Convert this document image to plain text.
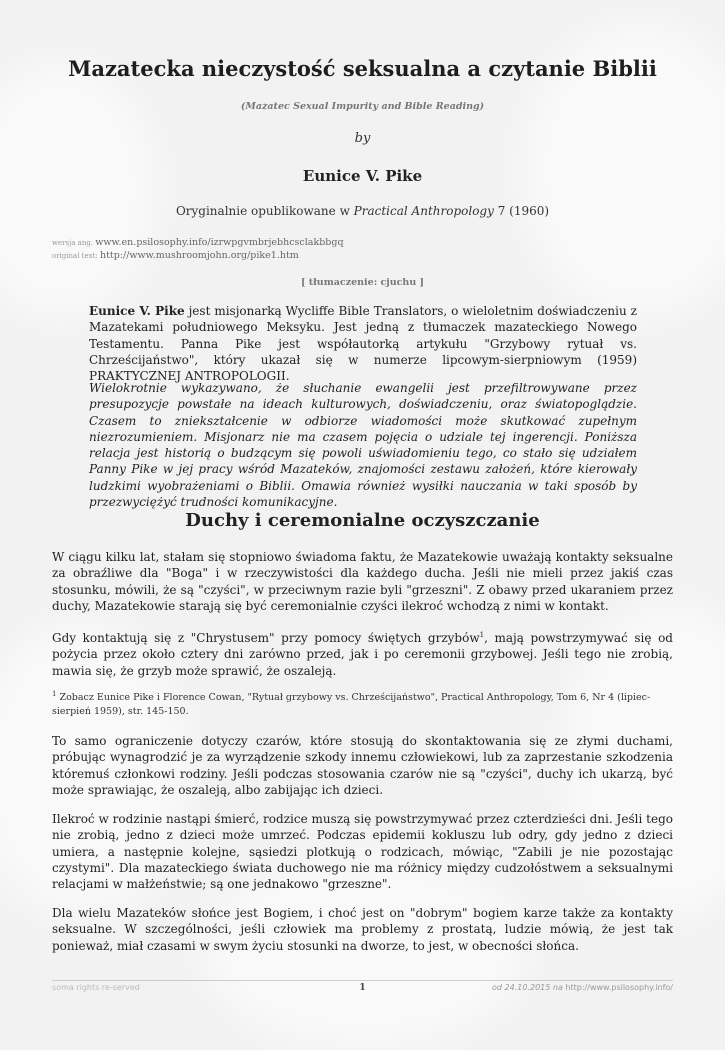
Mazatecka nieczystość seksualna a czytanie Biblii
(Mazatec Sexual Impurity and Bible Reading)
by
Eunice V. Pike
Oryginalnie opublikowane w Practical Anthropology 7 (1960)
wersja ang. www.en.psilosophy.info/izrwpgvmbrjebhcsclakbbgq
original text: http://www.mushroomjohn.org/pike1.htm
[ tłumaczenie: cjuchu ]

Eunice V. Pike jest misjonarką Wycliffe Bible Translators, o wieloletnim doświadczeniu z Mazatekami południowego Meksyku. Jest jedną z tłumaczek mazateckiego Nowego Testamentu. Panna Pike jest współautorką artykułu "Grzybowy rytuał vs. Chrześcijaństwo", który ukazał się w numerze lipcowym-sierpniowym (1959) PRAKTYCZNEJ ANTROPOLOGII.

Wielokrotnie wykazywano, że słuchanie ewangelii jest przefiltrowywane przez presupozycje powstałe na ideach kulturowych, doświadczeniu, oraz światopoglądzie. Czasem to zniekształcenie w odbiorze wiadomości może skutkować zupełnym niezrozumieniem. Misjonarz nie ma czasem pojęcia o udziale tej ingerencji. Poniższa relacja jest historią o budzącym się powoli uświadomieniu tego, co stało się udziałem Panny Pike w jej pracy wśród Mazateków, znajomości zestawu założeń, które kierowały ludzkimi wyobrażeniami o Biblii. Omawia również wysiłki nauczania w taki sposób by przezwyciężyć trudności komunikacyjne.

Duchy i ceremonialne oczyszczanie

W ciągu kilku lat, stałam się stopniowo świadoma faktu, że Mazatekowie uważają kontakty seksualne za obraźliwe dla "Boga" i w rzeczywistości dla każdego ducha. Jeśli nie mieli przez jakiś czas stosunku, mówili, że są "czyści", w przeciwnym razie byli "grzeszni". Z obawy przed ukaraniem przez duchy, Mazatekowie starają się być ceremonialnie czyści ilekroć wchodzą z nimi w kontakt.

Gdy kontaktują się z "Chrystusem" przy pomocy świętych grzybów$^1$, mają powstrzymywać się od pożycia przez około cztery dni zarówno przed, jak i po ceremonii grzybowej. Jeśli tego nie zrobią, mawia się, że grzyb może sprawić, że oszaleją.

$^1$ Zobacz Eunice Pike i Florence Cowan, "Rytuał grzybowy vs. Chrześcijaństwo", Practical Anthropology, Tom 6, Nr 4 (lipiec-sierpień 1959), str. 145-150.

To samo ograniczenie dotyczy czarów, które stosują do skontaktowania się ze złymi duchami, próbując wynagrodzić je za wyrządzenie szkody innemu człowiekowi, lub za zaprzestanie szkodzenia któremuś członkowi rodziny. Jeśli podczas stosowania czarów nie są "czyści", duchy ich ukarzą, być może sprawiając, że oszaleją, albo zabijając ich dzieci.

Ilekroć w rodzinie nastąpi śmierć, rodzice muszą się powstrzymywać przez czterdzieści dni. Jeśli tego nie zrobią, jedno z dzieci może umrzeć. Podczas epidemii kokluszu lub odry, gdy jedno z dzieci umiera, a następnie kolejne, sąsiedzi plotkują o rodzicach, mówiąc, "Zabili je nie pozostając czystymi". Dla mazateckiego świata duchowego nie ma różnicy między cudzołóstwem a seksualnymi relacjami w małżeństwie; są one jednakowo "grzeszne".

Dla wielu Mazateków słońce jest Bogiem, i choć jest on "dobrym" bogiem karze także za kontakty seksualne. W szczególności, jeśli człowiek ma problemy z prostatą, ludzie mówią, że jest tak ponieważ, miał czasami w swym życiu stosunki na dworze, to jest, w obecności słońca.

soma rights re-served	1	od 24.10.2015 na http://www.psilosophy.info/
